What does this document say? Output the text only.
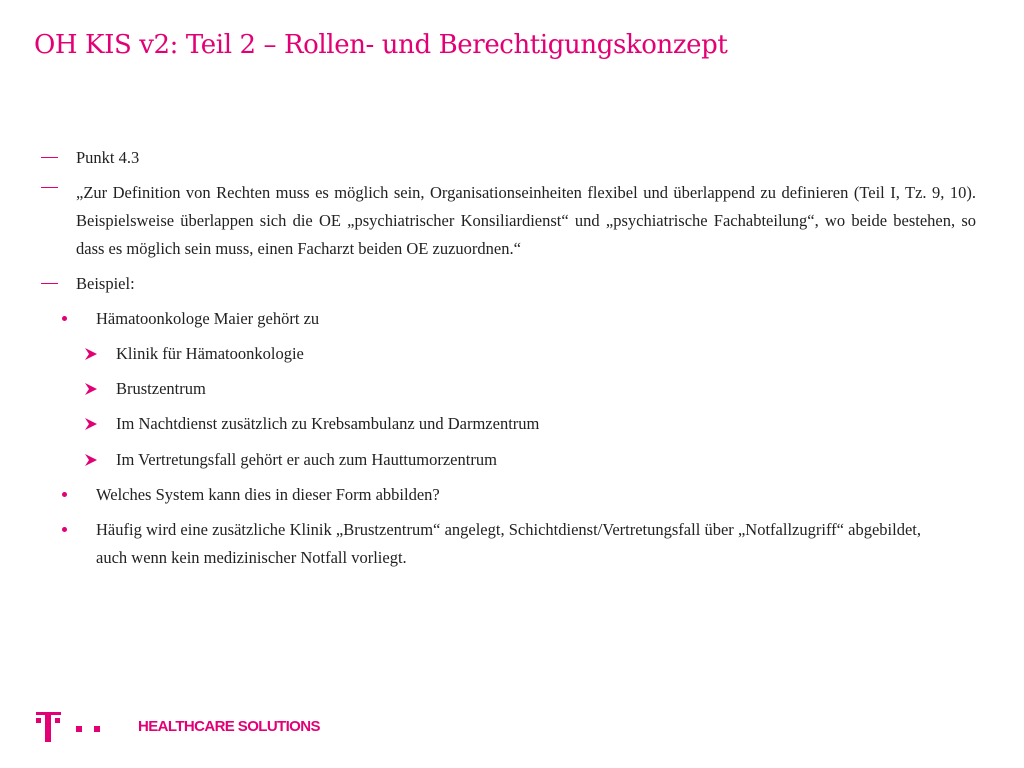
OH KIS v2: Teil 2 – Rollen- und Berechtigungskonzept
Punkt 4.3
„Zur Definition von Rechten muss es möglich sein, Organisationseinheiten flexibel und überlappend zu definieren (Teil I, Tz. 9, 10). Beispielsweise überlappen sich die OE „psychiatrischer Konsiliardienst“ und „psychiatrische Fachabteilung“, wo beide bestehen, so dass es möglich sein muss, einen Facharzt beiden OE zuzuordnen.“
Beispiel:
Hämatoonkologe Maier gehört zu
Klinik für Hämatoonkologie
Brustzentrum
Im Nachtdienst zusätzlich zu Krebsambulanz und Darmzentrum
Im Vertretungsfall gehört er auch zum Hauttumorzentrum
Welches System kann dies in dieser Form abbilden?
Häufig wird eine zusätzliche Klinik „Brustzentrum“ angelegt, Schichtdienst/Vertretungsfall über „Notfallzugriff“ abgebildet, auch wenn kein medizinischer Notfall vorliegt.
HEALTHCARE SOLUTIONS
